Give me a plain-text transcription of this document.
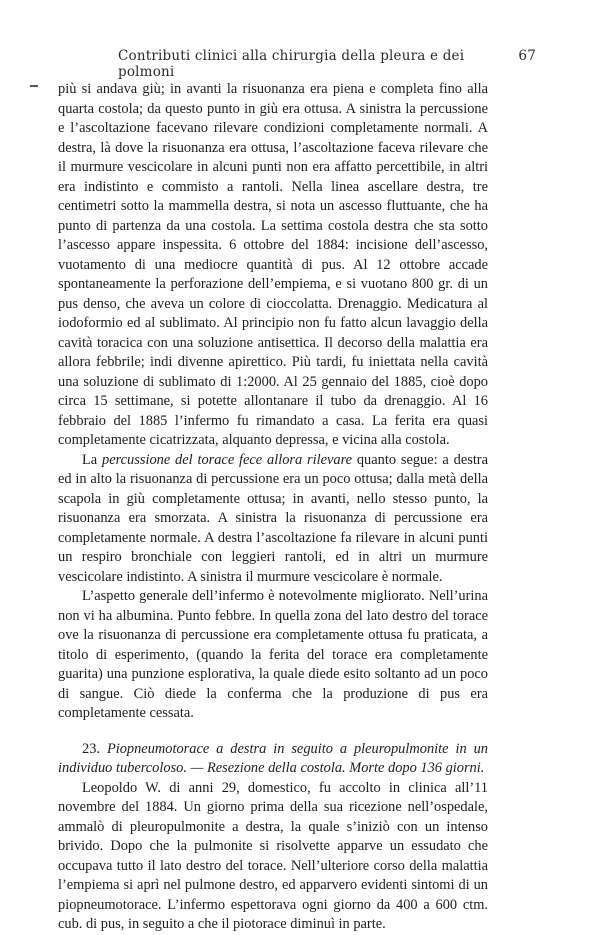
Contributi clinici alla chirurgia della pleura e dei polmoni
67

più si andava giù; in avanti la risuonanza era piena e completa fino alla quarta costola; da questo punto in giù era ottusa. A sinistra la percussione e l’ascoltazione facevano rilevare condizioni completamente normali. A destra, là dove la risuonanza era ottusa, l’ascoltazione faceva rilevare che il murmure vescicolare in alcuni punti non era affatto percettibile, in altri era indistinto e commisto a rantoli. Nella linea ascellare destra, tre centimetri sotto la mammella destra, si nota un ascesso fluttuante, che ha punto di partenza da una costola. La settima costola destra che sta sotto l’ascesso appare inspessita. 6 ottobre del 1884: incisione dell’ascesso, vuotamento di una mediocre quantità di pus. Al 12 ottobre accade spontaneamente la perforazione dell’empiema, e si vuotano 800 gr. di un pus denso, che aveva un colore di cioccolatta. Drenaggio. Medicatura al iodoformio ed al sublimato. Al principio non fu fatto alcun lavaggio della cavità toracica con una soluzione antisettica. Il decorso della malattia era allora febbrile; indi divenne apirettico. Più tardi, fu iniettata nella cavità una soluzione di sublimato di 1:2000. Al 25 gennaio del 1885, cioè dopo circa 15 settimane, si potette allontanare il tubo da drenaggio. Al 16 febbraio del 1885 l’infermo fu rimandato a casa. La ferita era quasi completamente cicatrizzata, alquanto depressa, e vicina alla costola.

La percussione del torace fece allora rilevare quanto segue: a destra ed in alto la risuonanza di percussione era un poco ottusa; dalla metà della scapola in giù completamente ottusa; in avanti, nello stesso punto, la risuonanza era smorzata. A sinistra la risuonanza di percussione era completamente normale. A destra l’ascoltazione fa rilevare in alcuni punti un respiro bronchiale con leggieri rantoli, ed in altri un murmure vescicolare indistinto. A sinistra il murmure vescicolare è normale.

L’aspetto generale dell’infermo è notevolmente migliorato. Nell’urina non vi ha albumina. Punto febbre. In quella zona del lato destro del torace ove la risuonanza di percussione era completamente ottusa fu praticata, a titolo di esperimento, (quando la ferita del torace era completamente guarita) una punzione esplorativa, la quale diede esito soltanto ad un poco di sangue. Ciò diede la conferma che la produzione di pus era completamente cessata.

23. Piopneumotorace a destra in seguito a pleuropulmonite in un individuo tubercoloso. — Resezione della costola. Morte dopo 136 giorni.

Leopoldo W. di anni 29, domestico, fu accolto in clinica all’11 novembre del 1884. Un giorno prima della sua ricezione nell’ospedale, ammalò di pleuropulmonite a destra, la quale s’iniziò con un intenso brivido. Dopo che la pulmonite si risolvette apparve un essudato che occupava tutto il lato destro del torace. Nell’ulteriore corso della malattia l’empiema si aprì nel pulmone destro, ed apparvero evidenti sintomi di un piopneumotorace. L’infermo espettorava ogni giorno da 400 a 600 ctm. cub. di pus, in seguito a che il piotorace diminuì in parte.
